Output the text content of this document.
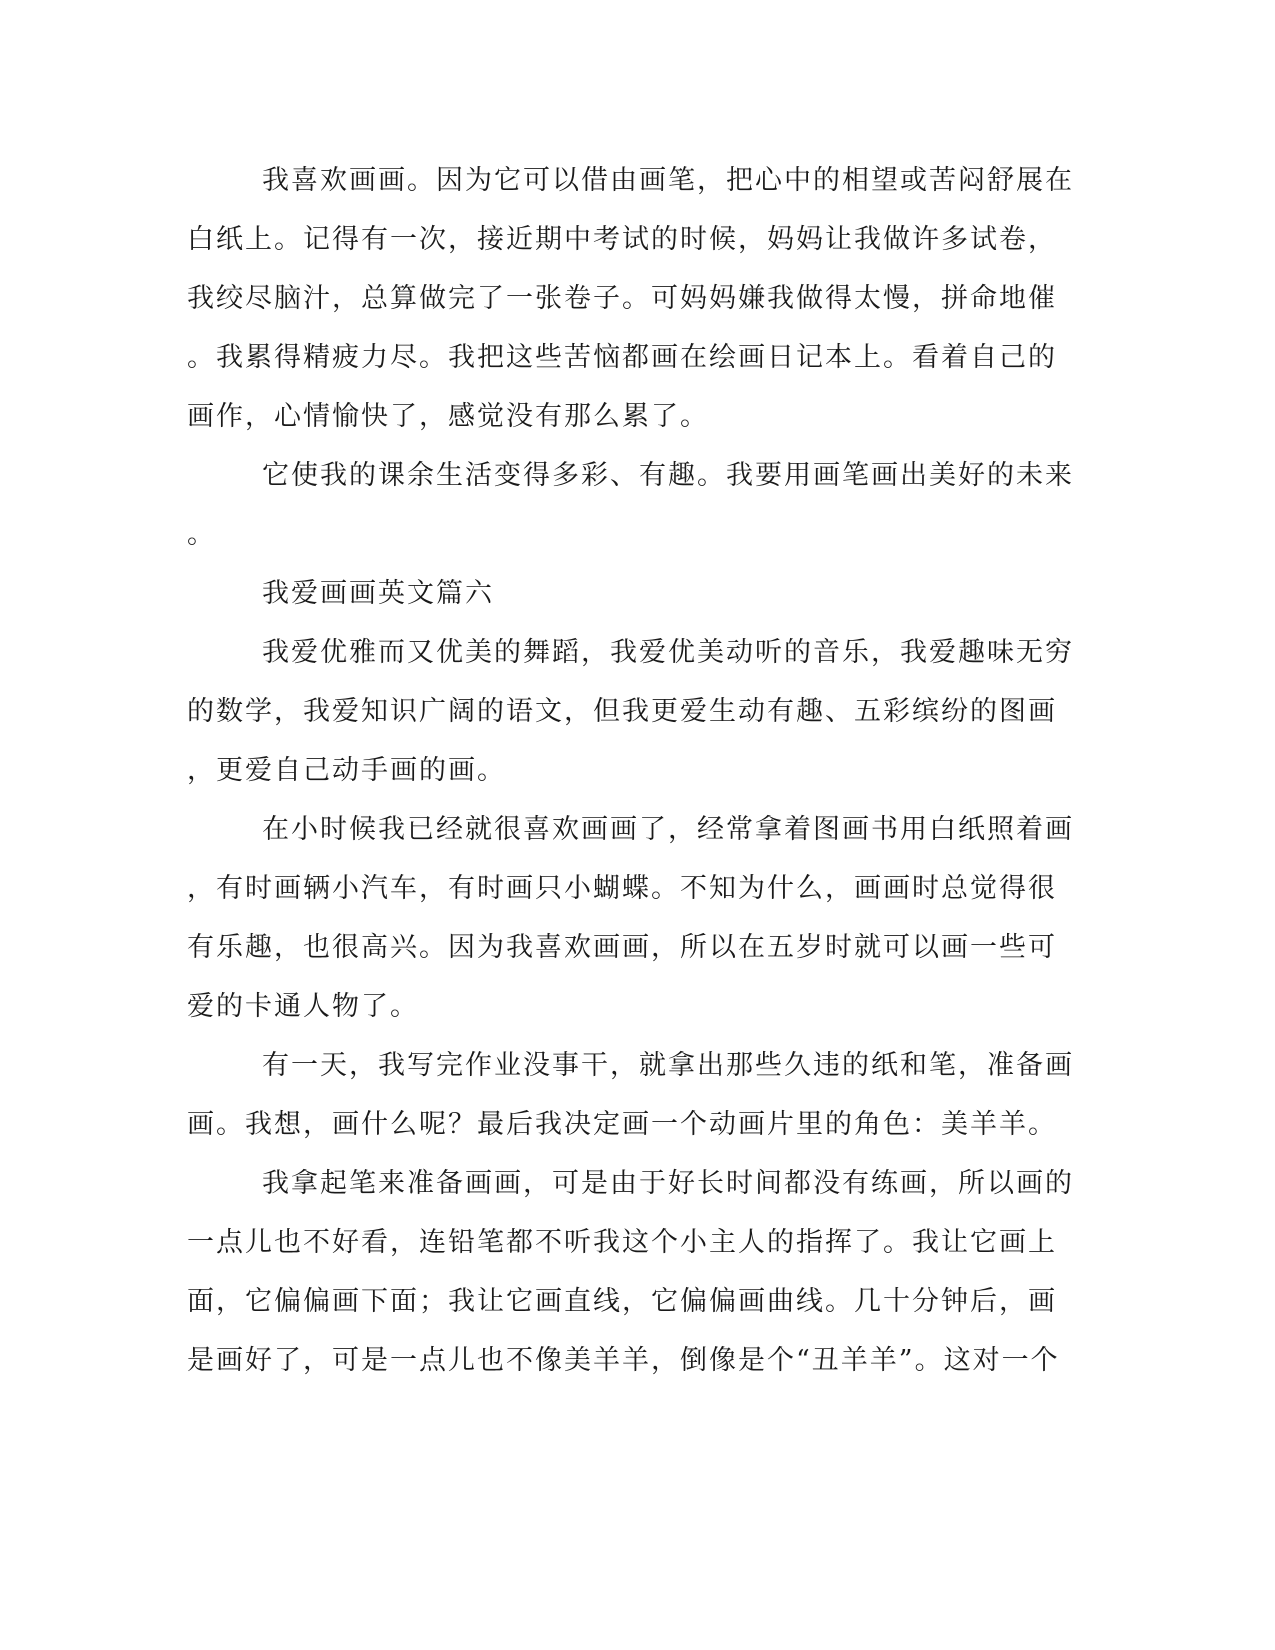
我喜欢画画。因为它可以借由画笔，把心中的相望或苦闷舒展在

白纸上。记得有一次，接近期中考试的时候，妈妈让我做许多试卷，

我绞尽脑汁，总算做完了一张卷子。可妈妈嫌我做得太慢，拼命地催

。我累得精疲力尽。我把这些苦恼都画在绘画日记本上。看着自己的

画作，心情愉快了，感觉没有那么累了。

它使我的课余生活变得多彩、有趣。我要用画笔画出美好的未来

。

我爱画画英文篇六

我爱优雅而又优美的舞蹈，我爱优美动听的音乐，我爱趣味无穷

的数学，我爱知识广阔的语文，但我更爱生动有趣、五彩缤纷的图画

，更爱自己动手画的画。

在小时候我已经就很喜欢画画了，经常拿着图画书用白纸照着画

，有时画辆小汽车，有时画只小蝴蝶。不知为什么，画画时总觉得很

有乐趣，也很高兴。因为我喜欢画画，所以在五岁时就可以画一些可

爱的卡通人物了。

有一天，我写完作业没事干，就拿出那些久违的纸和笔，准备画

画。我想，画什么呢？最后我决定画一个动画片里的角色：美羊羊。

我拿起笔来准备画画，可是由于好长时间都没有练画，所以画的

一点儿也不好看，连铅笔都不听我这个小主人的指挥了。我让它画上

面，它偏偏画下面；我让它画直线，它偏偏画曲线。几十分钟后，画

是画好了，可是一点儿也不像美羊羊，倒像是个“丑羊羊”。这对一个
